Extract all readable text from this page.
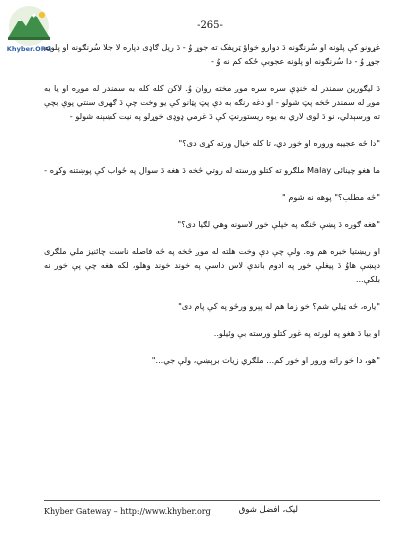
Khyber.ORG
-265-

غړونو کې پلونه او سُرنګونه دَ دوارو خواؤ ټریفک ته جوړ وُ - دَ ریل ګاډی دپاره لا جلا سُرنګونه او پلونه جوړ وُ - دا سُرنګونه او پلونه عجوبې ځکه کم نه وُ -

دَ لیګورین سمندر له خنډې سره سره موږ مخته روان وُ. لاکن کله کله به سمندر له موږه او یا به موږ له سمندر څخه پټ شولو - او دغه رنګه به دې پټ پټانو کې یو وخت چې دَ ګهری سنتي پوې بچې ته ورسېدلي، نو دَ لوی لاري به یوه ریستورنټ کې دَ غرمي ډوډی خوړلو په نیت کښېنه شولو -

"دا څه عجیبه وروره او خور دي، تا کله خیال ورته کړی دی؟"

ما هغو چینائی Malay ملګرو ته کتلو ورسته له روتي څخه دَ هغه دَ سوال په ځواب کې پوښتنه وکړه -

"څه مطلب؟" پوهه نه شوم "

"هغه ګوره دَ پښې څنګه په خپلې خور لاسونه وهي لګیا دی؟"

او ریښتیا خبره هم وه. ولې چې دې وخت هلته له موږ څخه په څه فاصله ناست چائنیز ملي ملګری دپښې هاوُ دَ پیغلې خور په ادوم باندې لاس داسې په خوند خوند وهلو، لکه هغه چې پې خور نه بلکې...

"یاره، څه ټیلي شم؟ خو زما هم له پېرو ورڅو په کې پام دی"

او بیا دَ هغو په لورته په غور کتلو ورسته بې وئیلو..

"هو، دا خو راته ورور او خور کم... ملګري زیات برېښي، ولې جي..."

Khyber Gateway – http://www.khyber.org	لیک، افضل شوق
